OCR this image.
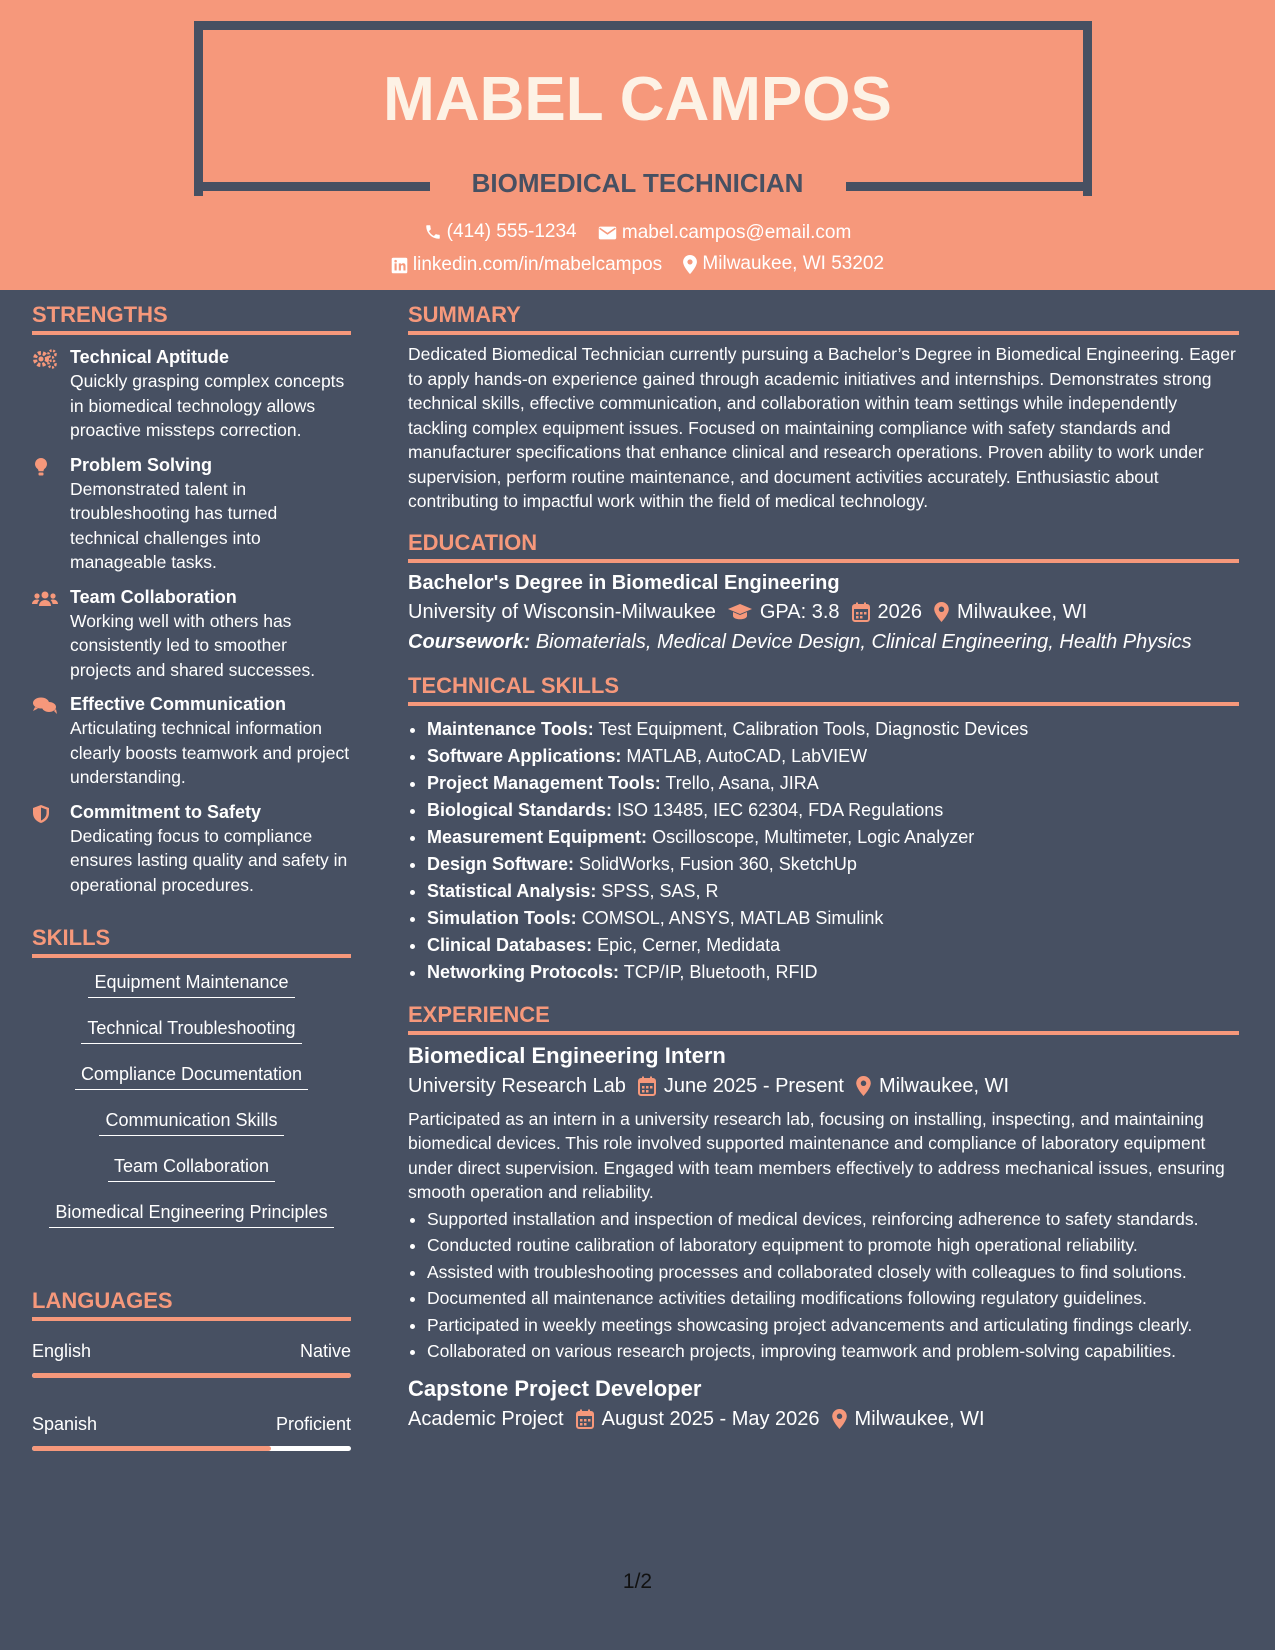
MABEL CAMPOS
BIOMEDICAL TECHNICIAN
(414) 555-1234
mabel.campos@email.com
linkedin.com/in/mabelcampos
Milwaukee, WI 53202
STRENGTHS
Technical Aptitude
Quickly grasping complex concepts in biomedical technology allows proactive missteps correction.
Problem Solving
Demonstrated talent in troubleshooting has turned technical challenges into manageable tasks.
Team Collaboration
Working well with others has consistently led to smoother projects and shared successes.
Effective Communication
Articulating technical information clearly boosts teamwork and project understanding.
Commitment to Safety
Dedicating focus to compliance ensures lasting quality and safety in operational procedures.
SKILLS
Equipment Maintenance
Technical Troubleshooting
Compliance Documentation
Communication Skills
Team Collaboration
Biomedical Engineering Principles
LANGUAGES
English	Native
Spanish	Proficient
SUMMARY
Dedicated Biomedical Technician currently pursuing a Bachelor’s Degree in Biomedical Engineering. Eager to apply hands-on experience gained through academic initiatives and internships. Demonstrates strong technical skills, effective communication, and collaboration within team settings while independently tackling complex equipment issues. Focused on maintaining compliance with safety standards and manufacturer specifications that enhance clinical and research operations. Proven ability to work under supervision, perform routine maintenance, and document activities accurately. Enthusiastic about contributing to impactful work within the field of medical technology.
EDUCATION
Bachelor's Degree in Biomedical Engineering
University of Wisconsin-Milwaukee GPA: 3.8 2026 Milwaukee, WI
Coursework: Biomaterials, Medical Device Design, Clinical Engineering, Health Physics
TECHNICAL SKILLS
• Maintenance Tools: Test Equipment, Calibration Tools, Diagnostic Devices
• Software Applications: MATLAB, AutoCAD, LabVIEW
• Project Management Tools: Trello, Asana, JIRA
• Biological Standards: ISO 13485, IEC 62304, FDA Regulations
• Measurement Equipment: Oscilloscope, Multimeter, Logic Analyzer
• Design Software: SolidWorks, Fusion 360, SketchUp
• Statistical Analysis: SPSS, SAS, R
• Simulation Tools: COMSOL, ANSYS, MATLAB Simulink
• Clinical Databases: Epic, Cerner, Medidata
• Networking Protocols: TCP/IP, Bluetooth, RFID
EXPERIENCE
Biomedical Engineering Intern
University Research Lab June 2025 - Present Milwaukee, WI
Participated as an intern in a university research lab, focusing on installing, inspecting, and maintaining biomedical devices. This role involved supported maintenance and compliance of laboratory equipment under direct supervision. Engaged with team members effectively to address mechanical issues, ensuring smooth operation and reliability.
• Supported installation and inspection of medical devices, reinforcing adherence to safety standards.
• Conducted routine calibration of laboratory equipment to promote high operational reliability.
• Assisted with troubleshooting processes and collaborated closely with colleagues to find solutions.
• Documented all maintenance activities detailing modifications following regulatory guidelines.
• Participated in weekly meetings showcasing project advancements and articulating findings clearly.
• Collaborated on various research projects, improving teamwork and problem-solving capabilities.
Capstone Project Developer
Academic Project August 2025 - May 2026 Milwaukee, WI
1/2
